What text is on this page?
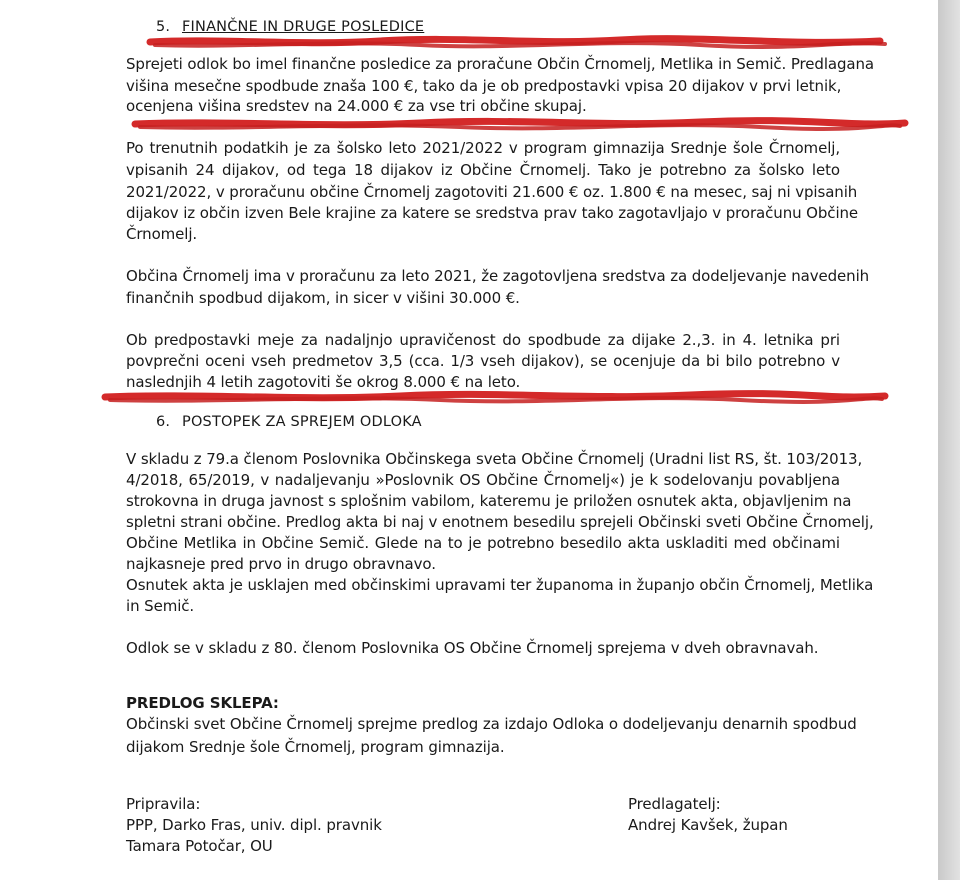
5. FINANČNE IN DRUGE POSLEDICE
Sprejeti odlok bo imel finančne posledice za proračune Občin Črnomelj, Metlika in Semič. Predlagana
višina mesečne spodbude znaša 100 €, tako da je ob predpostavki vpisa 20 dijakov v prvi letnik,
ocenjena višina sredstev na 24.000 € za vse tri občine skupaj.
Po trenutnih podatkih je za šolsko leto 2021/2022 v program gimnazija Srednje šole Črnomelj,
vpisanih 24 dijakov, od tega 18 dijakov iz Občine Črnomelj. Tako je potrebno za šolsko leto
2021/2022, v proračunu občine Črnomelj zagotoviti 21.600 € oz. 1.800 € na mesec, saj ni vpisanih
dijakov iz občin izven Bele krajine za katere se sredstva prav tako zagotavljajo v proračunu Občine
Črnomelj.
Občina Črnomelj ima v proračunu za leto 2021, že zagotovljena sredstva za dodeljevanje navedenih
finančnih spodbud dijakom, in sicer v višini 30.000 €.
Ob predpostavki meje za nadaljnjo upravičenost do spodbude za dijake 2.,3. in 4. letnika pri
povprečni oceni vseh predmetov 3,5 (cca. 1/3 vseh dijakov), se ocenjuje da bi bilo potrebno v
naslednjih 4 letih zagotoviti še okrog 8.000 € na leto.
6. POSTOPEK ZA SPREJEM ODLOKA
V skladu z 79.a členom Poslovnika Občinskega sveta Občine Črnomelj (Uradni list RS, št. 103/2013,
4/2018, 65/2019, v nadaljevanju »Poslovnik OS Občine Črnomelj«) je k sodelovanju povabljena
strokovna in druga javnost s splošnim vabilom, kateremu je priložen osnutek akta, objavljenim na
spletni strani občine. Predlog akta bi naj v enotnem besedilu sprejeli Občinski sveti Občine Črnomelj,
Občine Metlika in Občine Semič. Glede na to je potrebno besedilo akta uskladiti med občinami
najkasneje pred prvo in drugo obravnavo.
Osnutek akta je usklajen med občinskimi upravami ter županoma in županjo občin Črnomelj, Metlika
in Semič.
Odlok se v skladu z 80. členom Poslovnika OS Občine Črnomelj sprejema v dveh obravnavah.
PREDLOG SKLEPA:
Občinski svet Občine Črnomelj sprejme predlog za izdajo Odloka o dodeljevanju denarnih spodbud
dijakom Srednje šole Črnomelj, program gimnazija.
Pripravila:
PPP, Darko Fras, univ. dipl. pravnik
Tamara Potočar, OU
Predlagatelj:
Andrej Kavšek, župan
